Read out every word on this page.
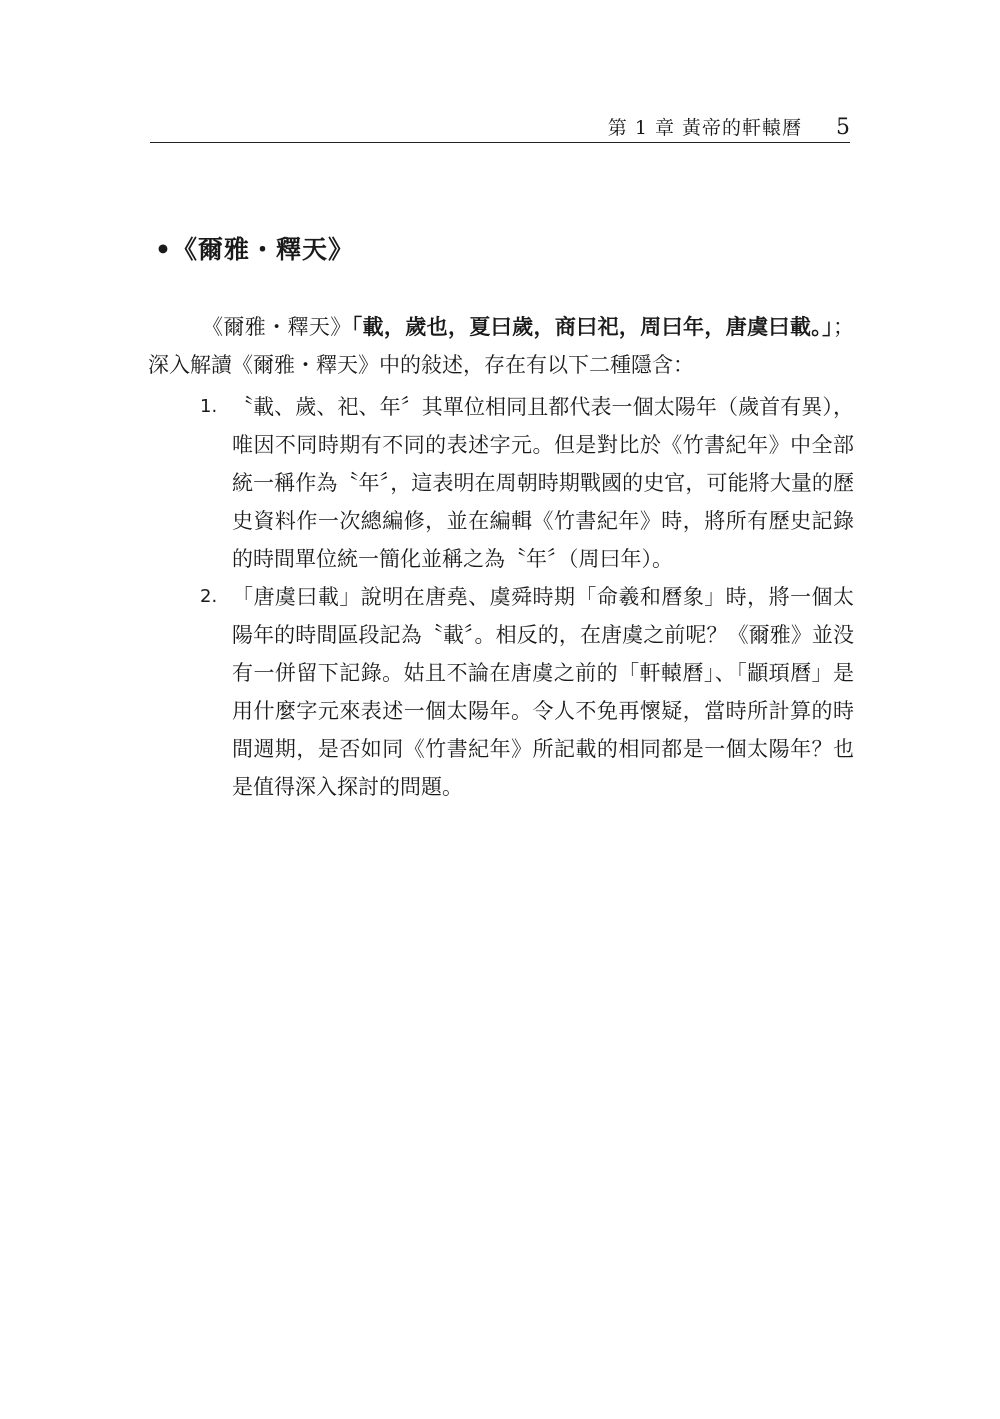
第 1 章 黃帝的軒轅曆 5
•《爾雅・釋天》

《爾雅・釋天》「載，歲也，夏曰歲，商曰祀，周曰年，唐虞曰載。」；深入解讀《爾雅・釋天》中的敍述，存在有以下二種隱含：

1. 〝載、歲、祀、年〞其單位相同且都代表一個太陽年（歲首有異），唯因不同時期有不同的表述字元。但是對比於《竹書紀年》中全部統一稱作為〝年〞，這表明在周朝時期戰國的史官，可能將大量的歷史資料作一次總編修，並在編輯《竹書紀年》時，將所有歷史記錄的時間單位統一簡化並稱之為〝年〞（周曰年）。
2. 「唐虞曰載」說明在唐堯、虞舜時期「命羲和曆象」時，將一個太陽年的時間區段記為〝載〞。相反的，在唐虞之前呢？《爾雅》並没有一併留下記錄。姑且不論在唐虞之前的「軒轅曆」、「顓頊曆」是用什麼字元來表述一個太陽年。令人不免再懷疑，當時所計算的時間週期，是否如同《竹書紀年》所記載的相同都是一個太陽年？也是值得深入探討的問題。
